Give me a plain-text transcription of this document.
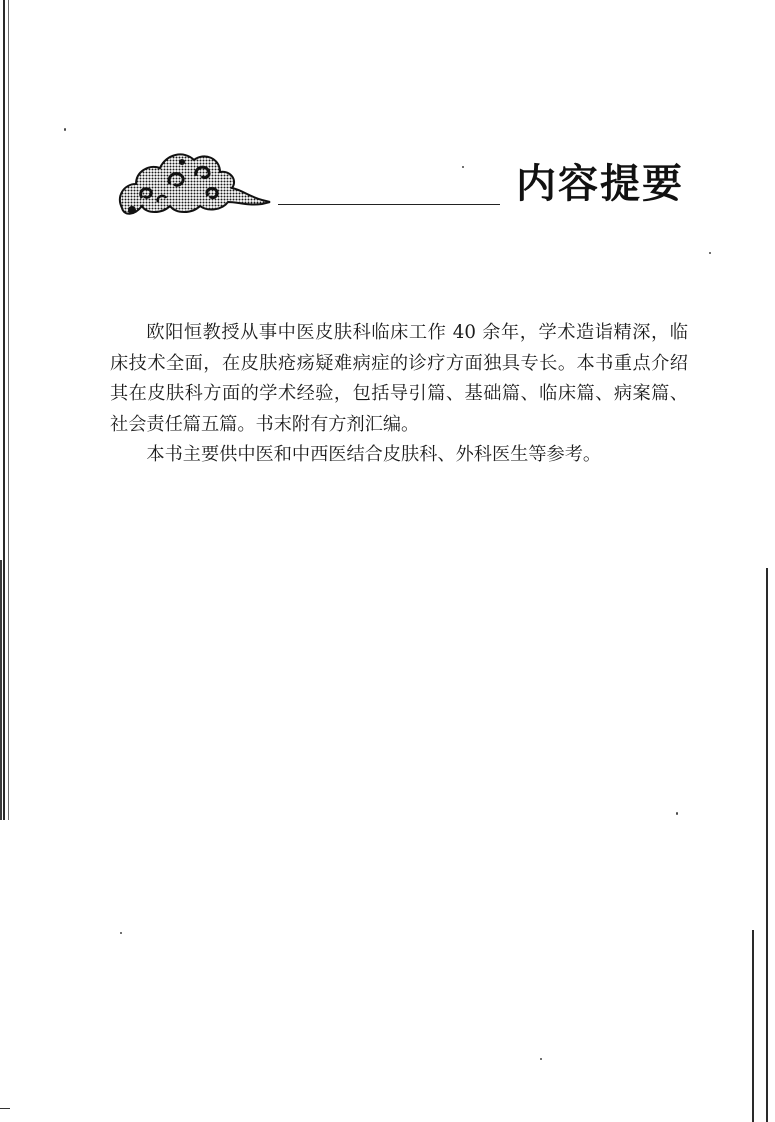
内容提要

欧阳恒教授从事中医皮肤科临床工作 40 余年，学术造诣精深，临床技术全面，在皮肤疮疡疑难病症的诊疗方面独具专长。本书重点介绍其在皮肤科方面的学术经验，包括导引篇、基础篇、临床篇、病案篇、社会责任篇五篇。书末附有方剂汇编。

本书主要供中医和中西医结合皮肤科、外科医生等参考。
